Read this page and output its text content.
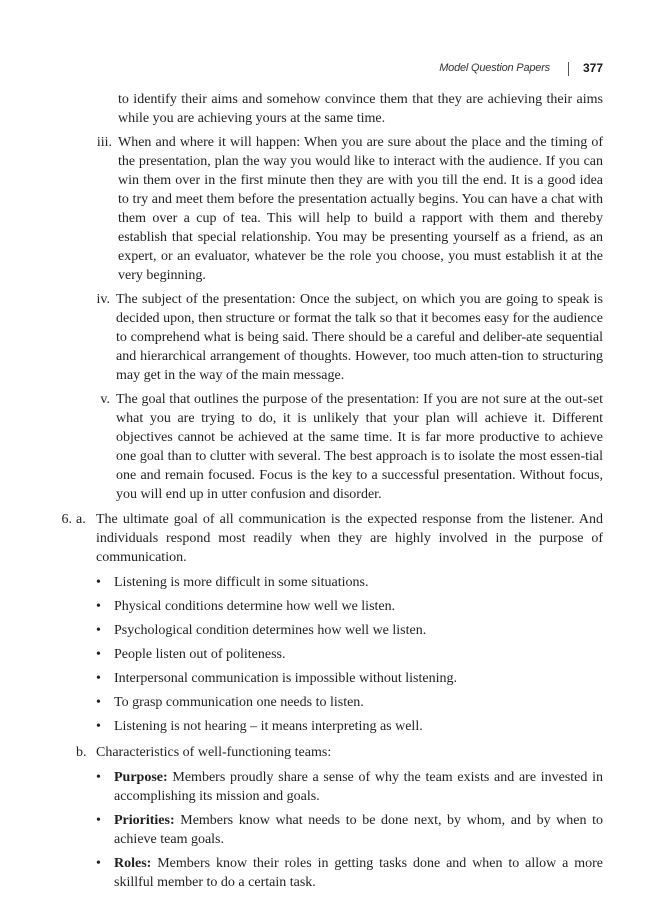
Model Question Papers	377

to identify their aims and somehow convince them that they are achieving their aims while you are achieving yours at the same time.

iii. When and where it will happen: When you are sure about the place and the timing of the presentation, plan the way you would like to interact with the audience. If you can win them over in the first minute then they are with you till the end. It is a good idea to try and meet them before the presentation actually begins. You can have a chat with them over a cup of tea. This will help to build a rapport with them and thereby establish that special relationship. You may be presenting yourself as a friend, as an expert, or an evaluator, whatever be the role you choose, you must establish it at the very beginning.
iv. The subject of the presentation: Once the subject, on which you are going to speak is decided upon, then structure or format the talk so that it becomes easy for the audience to comprehend what is being said. There should be a careful and deliber-ate sequential and hierarchical arrangement of thoughts. However, too much atten-tion to structuring may get in the way of the main message.
v. The goal that outlines the purpose of the presentation: If you are not sure at the out-set what you are trying to do, it is unlikely that your plan will achieve it. Different objectives cannot be achieved at the same time. It is far more productive to achieve one goal than to clutter with several. The best approach is to isolate the most essen-tial one and remain focused. Focus is the key to a successful presentation. Without focus, you will end up in utter confusion and disorder.
6. a. The ultimate goal of all communication is the expected response from the listener. And individuals respond most readily when they are highly involved in the purpose of communication.
• Listening is more difficult in some situations.
• Physical conditions determine how well we listen.
• Psychological condition determines how well we listen.
• People listen out of politeness.
• Interpersonal communication is impossible without listening.
• To grasp communication one needs to listen.
• Listening is not hearing – it means interpreting as well.
b. Characteristics of well-functioning teams:
• Purpose: Members proudly share a sense of why the team exists and are invested in accomplishing its mission and goals.
• Priorities: Members know what needs to be done next, by whom, and by when to achieve team goals.
• Roles: Members know their roles in getting tasks done and when to allow a more skillful member to do a certain task.
